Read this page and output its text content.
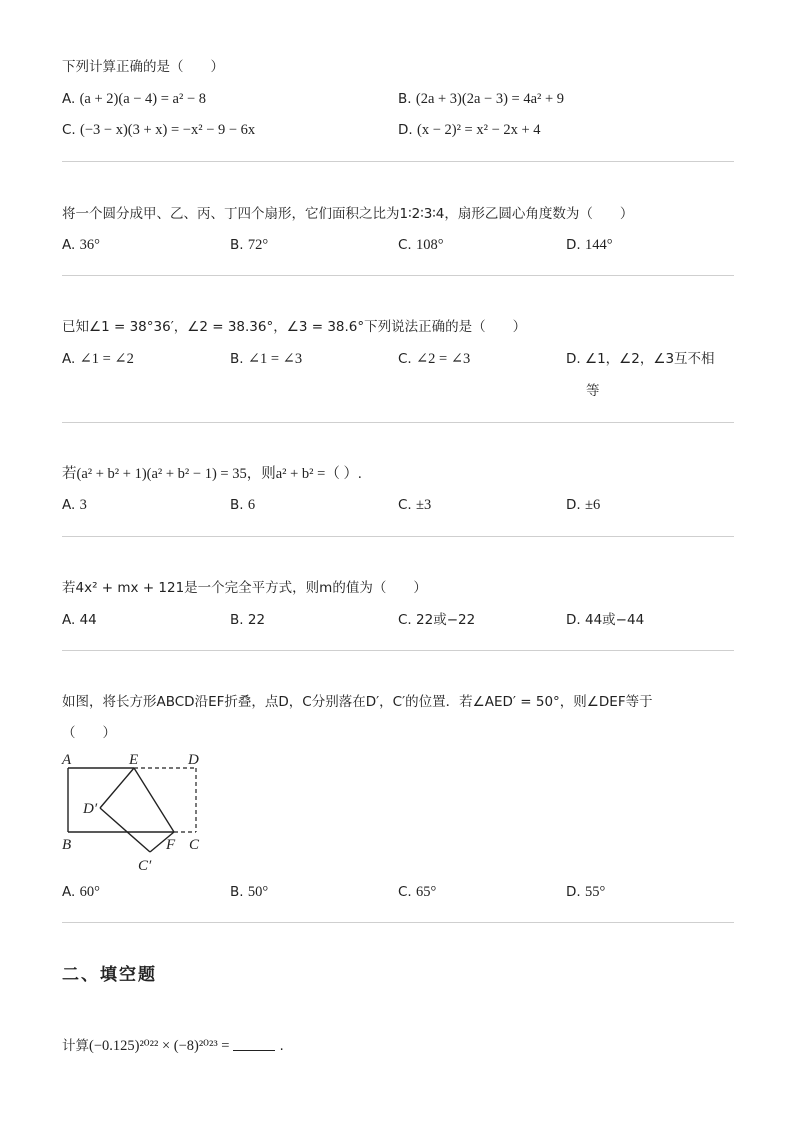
下列计算正确的是（　　）
A. (a + 2)(a − 4) = a² − 8	B. (2a + 3)(2a − 3) = 4a² + 9
C. (−3 − x)(3 + x) = −x² − 9 − 6x	D. (x − 2)² = x² − 2x + 4
将一个圆分成甲、乙、丙、丁四个扇形，它们面积之比为1∶2∶3∶4，扇形乙圆心角度数为（　　）
A. 36°	B. 72°	C. 108°	D. 144°
已知∠1 = 38°36′，∠2 = 38.36°，∠3 = 38.6°下列说法正确的是（　　）
A. ∠1 = ∠2	B. ∠1 = ∠3	C. ∠2 = ∠3	D. ∠1，∠2，∠3互不相
等
若(a² + b² + 1)(a² + b² − 1) = 35，则a² + b² =（ ）.
A. 3	B. 6	C. ±3	D. ±6
若4x² + mx + 121是一个完全平方式，则m的值为（　　）
A. 44	B. 22	C. 22或−22	D. 44或−44
如图，将长方形ABCD沿EF折叠，点D，C分别落在D′，C′的位置．若∠AED′ = 50°，则∠DEF等于
（　　）
A	E	D
D′
B	F C
C′
A. 60°	B. 50°	C. 65°	D. 55°
二、填空题
计算(−0.125)²⁰²² × (−8)²⁰²³ =	.
